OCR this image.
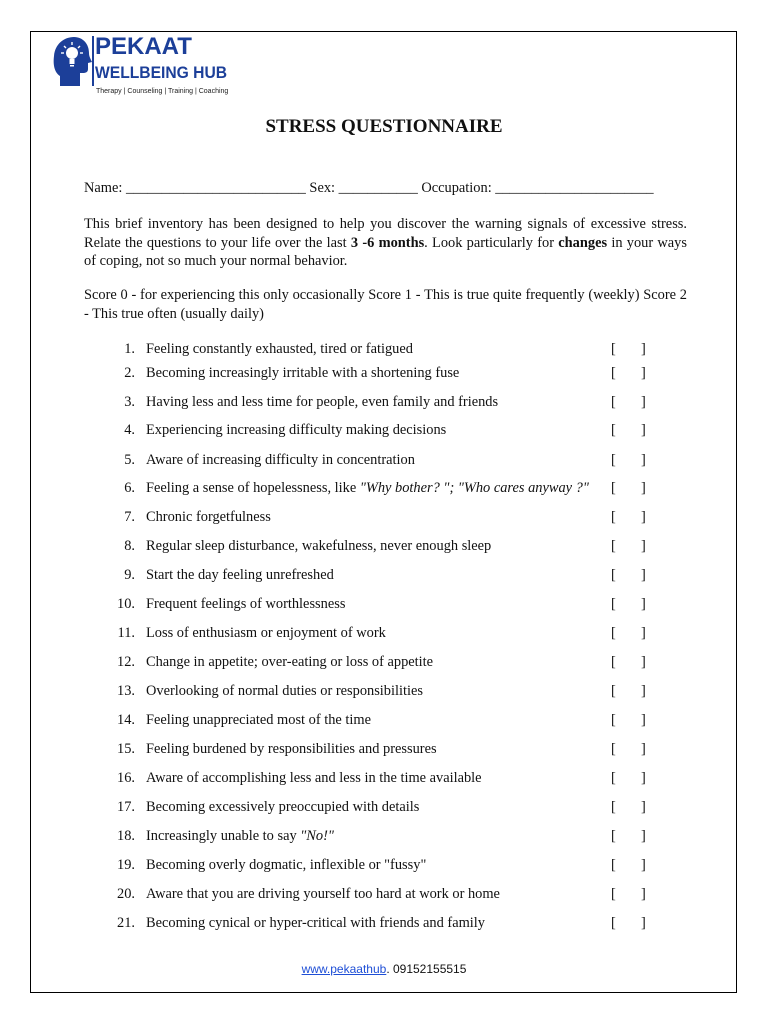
PEKAAT
WELLBEING HUB
Therapy | Counseling | Training | Coaching
STRESS QUESTIONNAIRE
Name: _________________________ Sex: ___________ Occupation: ______________________

This brief inventory has been designed to help you discover the warning signals of excessive stress. Relate the questions to your life over the last 3 -6 months. Look particularly for changes in your ways of coping, not so much your normal behavior.

Score 0 - for experiencing this only occasionally Score 1 - This is true quite frequently (weekly) Score 2 - This true often (usually daily)

1. Feeling constantly exhausted, tired or fatigued	[ ]
2. Becoming increasingly irritable with a shortening fuse	[ ]
3. Having less and less time for people, even family and friends	[ ]
4. Experiencing increasing difficulty making decisions	[ ]
5. Aware of increasing difficulty in concentration	[ ]
6. Feeling a sense of hopelessness, like "Why bother? "; "Who cares anyway ?" [ ]
7. Chronic forgetfulness	[ ]
8. Regular sleep disturbance, wakefulness, never enough sleep	[ ]
9. Start the day feeling unrefreshed	[ ]
10. Frequent feelings of worthlessness	[ ]
11. Loss of enthusiasm or enjoyment of work	[ ]
12. Change in appetite; over-eating or loss of appetite	[ ]
13. Overlooking of normal duties or responsibilities	[ ]
14. Feeling unappreciated most of the time	[ ]
15. Feeling burdened by responsibilities and pressures	[ ]
16. Aware of accomplishing less and less in the time available	[ ]
17. Becoming excessively preoccupied with details	[ ]
18. Increasingly unable to say "No!"	[ ]
19. Becoming overly dogmatic, inflexible or "fussy"	[ ]
20. Aware that you are driving yourself too hard at work or home	[ ]
21. Becoming cynical or hyper-critical with friends and family	[ ]
www.pekaathub. 09152155515
